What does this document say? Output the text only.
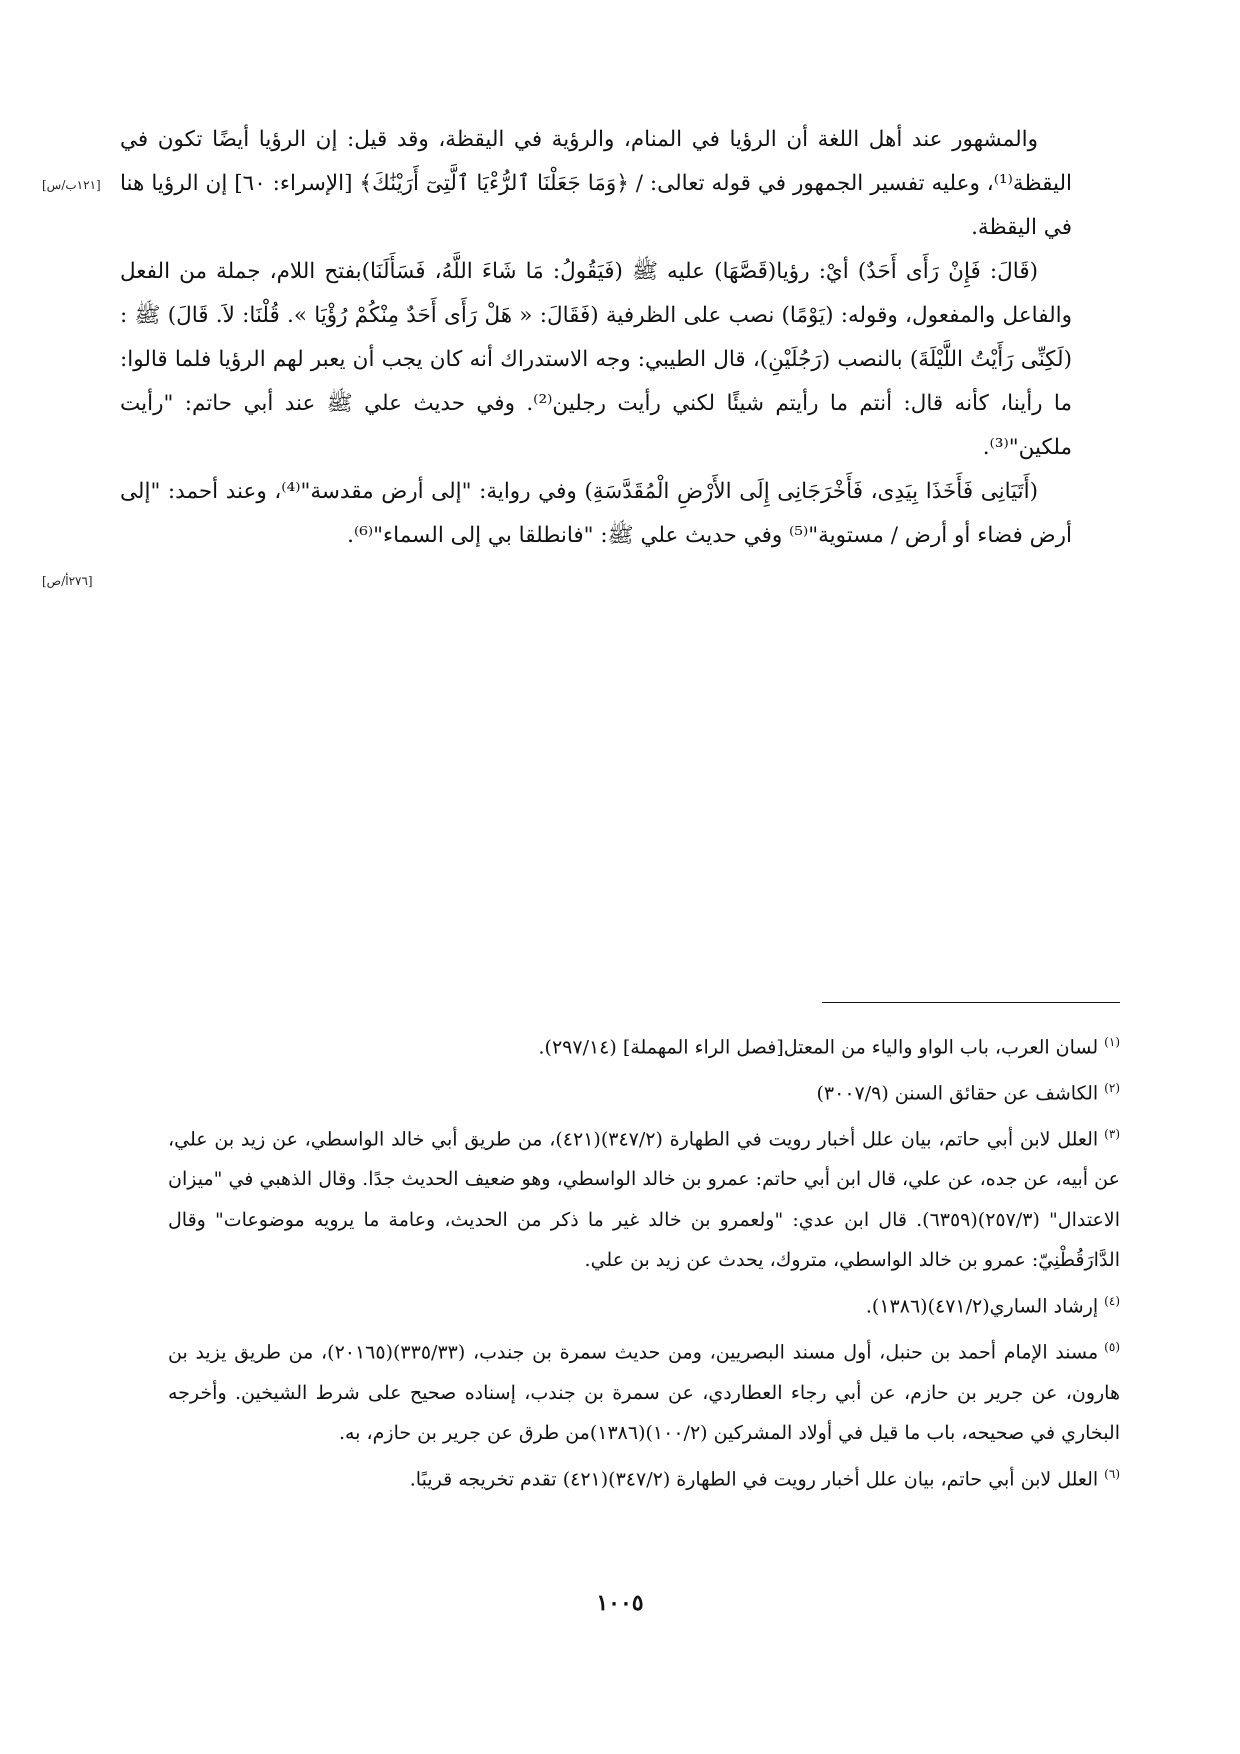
والمشهور عند أهل اللغة أن الرؤيا في المنام، والرؤية في اليقظة، وقد قيل: إن الرؤيا أيضًا تكون في اليقظة⁽¹⁾، وعليه تفسير الجمهور في قوله تعالى: / ﴿وَمَا جَعَلْنَا ٱلرُّءْيَا ٱلَّتِىٓ أَرَيْنَٰكَ﴾ [الإسراء: ٦٠] إن الرؤيا هنا في اليقظة.

(قَالَ: فَإِنْ رَأَى أَحَدٌ) أيْ: رؤيا(قَصَّهَا) عليه ﷺ (فَيَقُولُ: مَا شَاءَ اللَّهُ، فَسَأَلَنَا)بفتح اللام، جملة من الفعل والفاعل والمفعول، وقوله: (يَوْمًا) نصب على الظرفية (فَقَالَ: « هَلْ رَأَى أَحَدٌ مِنْكُمْ رُؤْيَا ». قُلْنَا: لاَ. قَالَ) ﷺ : (لَكِنِّى رَأَيْتُ اللَّيْلَةَ) بالنصب (رَجُلَيْنِ)، قال الطيبي: وجه الاستدراك أنه كان يجب أن يعبر لهم الرؤيا فلما قالوا: ما رأينا، كأنه قال: أنتم ما رأيتم شيئًا لكني رأيت رجلين⁽²⁾. وفي حديث علي ﷺ عند أبي حاتم: "رأيت ملكين"⁽³⁾.

(أَتَيَانِى فَأَخَذَا بِيَدِى، فَأَخْرَجَانِى إِلَى الأَرْضِ الْمُقَدَّسَةِ) وفي رواية: "إلى أرض مقدسة"⁽⁴⁾، وعند أحمد: "إلى أرض فضاء أو أرض / مستوية"⁽⁵⁾ وفي حديث علي ﷺ: "فانطلقا بي إلى السماء"⁽⁶⁾.

[١٢١ب/س]
[٢٧٦أ/ص]

$^{(١)}$لسان العرب، باب الواو والياء من المعتل[فصل الراء المهملة] (٢٩٧/١٤).

$^{(٢)}$الكاشف عن حقائق السنن (٣٠٠٧/٩)

$^{(٣)}$العلل لابن أبي حاتم، بيان علل أخبار رويت في الطهارة (٣٤٧/٢)(٤٢١)، من طريق أبي خالد الواسطي، عن زيد بن علي، عن أبيه، عن جده، عن علي، قال ابن أبي حاتم: عمرو بن خالد الواسطي، وهو ضعيف الحديث جدًا. وقال الذهبي في "ميزان الاعتدال" (٢٥٧/٣)(٦٣٥٩). قال ابن عدي: "ولعمرو بن خالد غير ما ذكر من الحديث، وعامة ما يرويه موضوعات" وقال الدَّارَقُطْنِيّ: عمرو بن خالد الواسطي، متروك، يحدث عن زيد بن علي.

$^{(٤)}$إرشاد الساري(٤٧١/٢)(١٣٨٦).

$^{(٥)}$مسند الإمام أحمد بن حنبل، أول مسند البصريين، ومن حديث سمرة بن جندب، (٣٣٥/٣٣)(٢٠١٦٥)، من طريق يزيد بن هارون، عن جرير بن حازم، عن أبي رجاء العطاردي، عن سمرة بن جندب، إسناده صحيح على شرط الشيخين. وأخرجه البخاري في صحيحه، باب ما قيل في أولاد المشركين (١٠٠/٢)(١٣٨٦)من طرق عن جرير بن حازم، به.

$^{(٦)}$العلل لابن أبي حاتم، بيان علل أخبار رويت في الطهارة (٣٤٧/٢)(٤٢١) تقدم تخريجه قريبًا.

١٠٠٥
